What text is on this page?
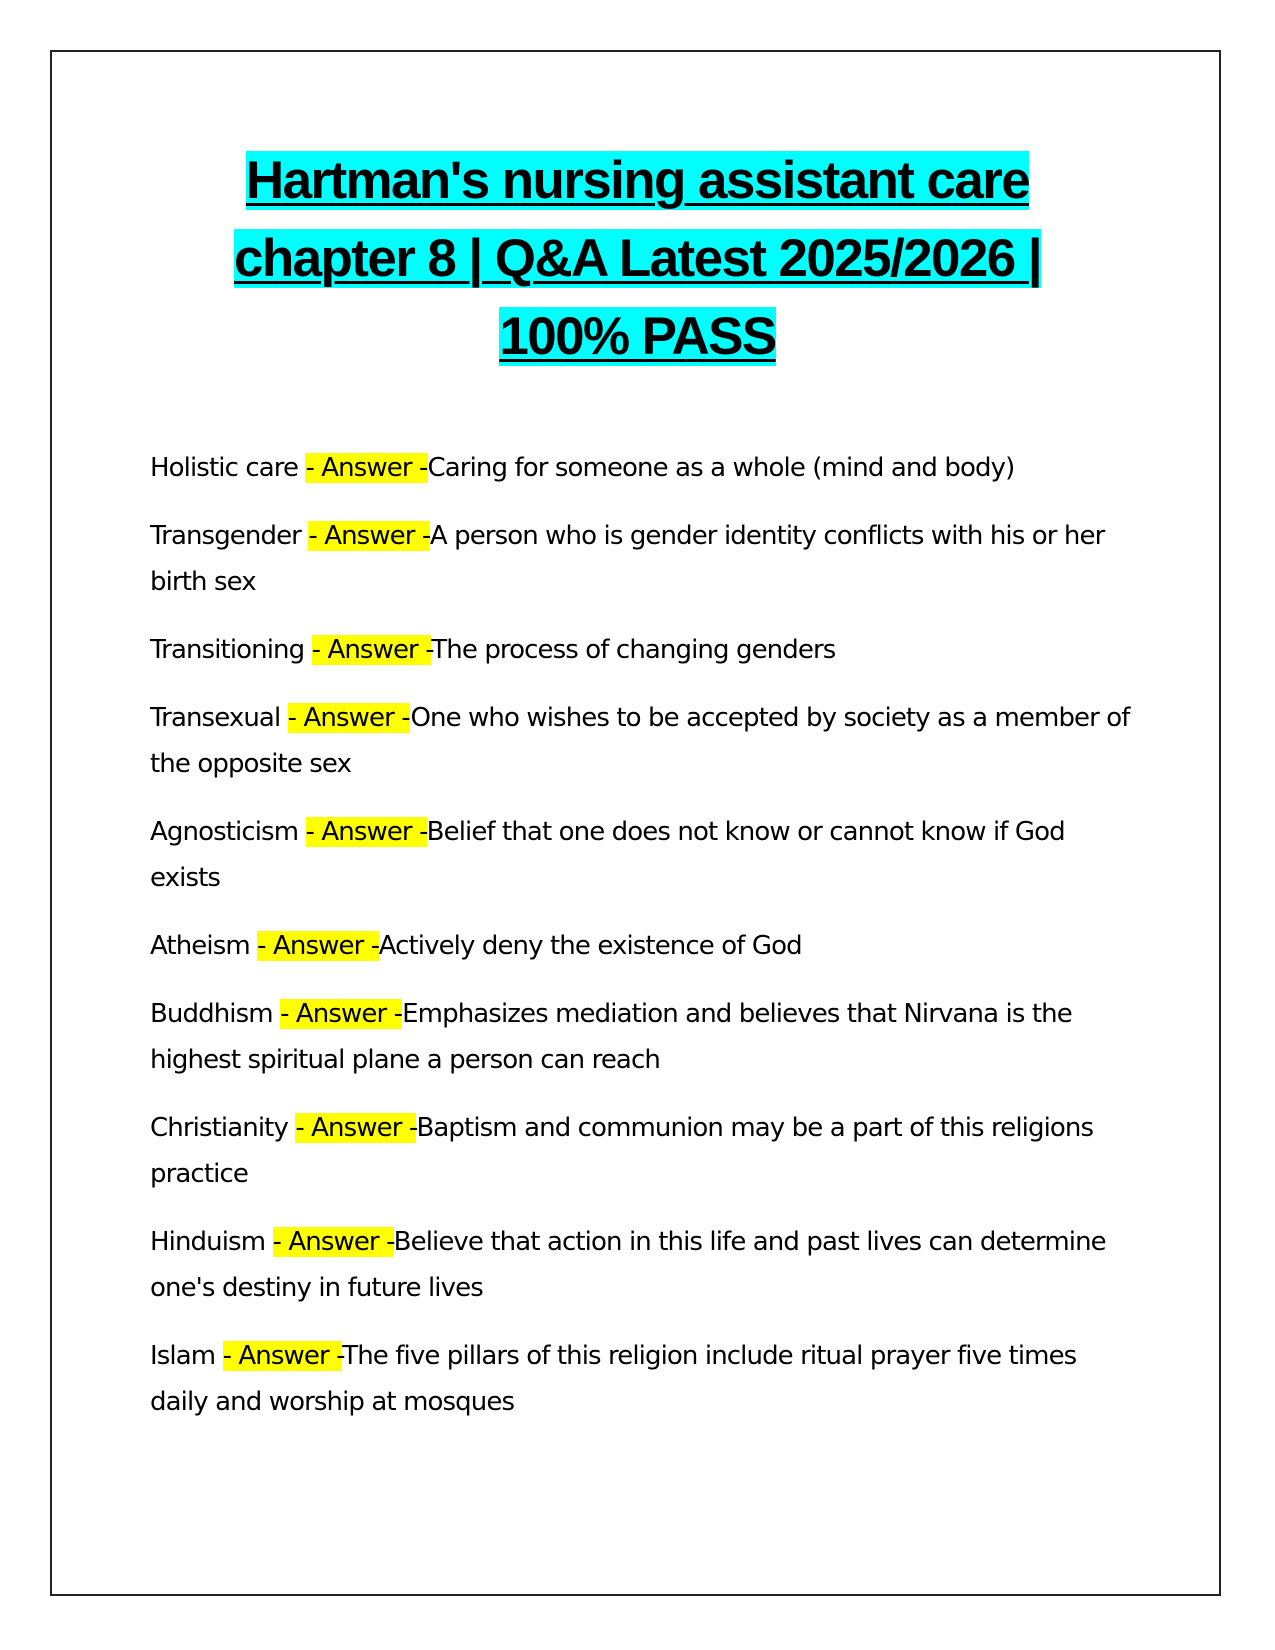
Hartman's nursing assistant care
chapter 8 | Q&A Latest 2025/2026 |
100% PASS
Holistic care - Answer -Caring for someone as a whole (mind and body)
Transgender - Answer -A person who is gender identity conflicts with his or her birth sex
Transitioning - Answer -The process of changing genders
Transexual - Answer -One who wishes to be accepted by society as a member of the opposite sex
Agnosticism - Answer -Belief that one does not know or cannot know if God exists
Atheism - Answer -Actively deny the existence of God
Buddhism - Answer -Emphasizes mediation and believes that Nirvana is the highest spiritual plane a person can reach
Christianity - Answer -Baptism and communion may be a part of this religions practice
Hinduism - Answer -Believe that action in this life and past lives can determine one's destiny in future lives
Islam - Answer -The five pillars of this religion include ritual prayer five times daily and worship at mosques
